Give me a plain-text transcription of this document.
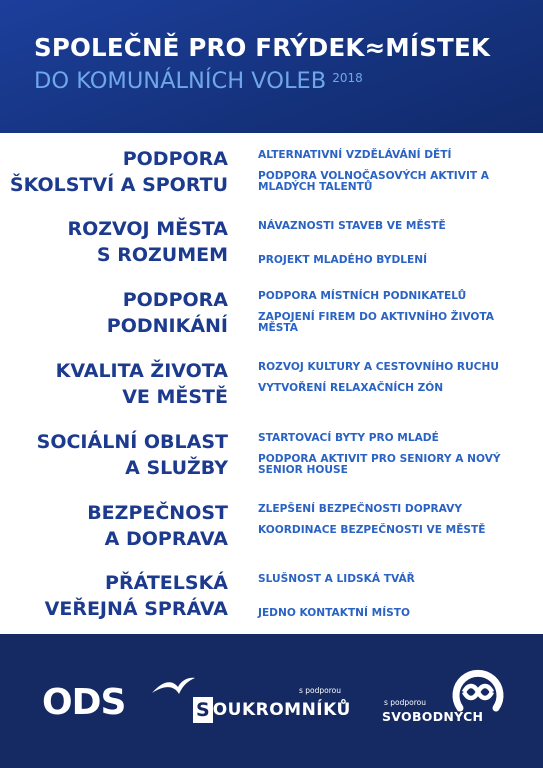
SPOLEČNĚ PRO FRÝDEK≈MÍSTEK
DO KOMUNÁLNÍCH VOLEB $^{2018}$
PODPORA
ŠKOLSTVÍ A SPORTU
ALTERNATIVNÍ VZDĚLÁVÁNÍ DĚTÍ
PODPORA VOLNOČASOVÝCH AKTIVIT A MLADÝCH TALENTŮ
ROZVOJ MĚSTA
S ROZUMEM
NÁVAZNOSTI STAVEB VE MĚSTĚ
PROJEKT MLADÉHO BYDLENÍ
PODPORA
PODNIKÁNÍ
PODPORA MÍSTNÍCH PODNIKATELŮ
ZAPOJENÍ FIREM DO AKTIVNÍHO ŽIVOTA MĚSTA
KVALITA ŽIVOTA
VE MĚSTĚ
ROZVOJ KULTURY A CESTOVNÍHO RUCHU
VYTVOŘENÍ RELAXAČNÍCH ZÓN
SOCIÁLNÍ OBLAST
A SLUŽBY
STARTOVACÍ BYTY PRO MLADÉ
PODPORA AKTIVIT PRO SENIORY A NOVÝ SENIOR HOUSE
BEZPEČNOST
A DOPRAVA
ZLEPŠENÍ BEZPEČNOSTI DOPRAVY
KOORDINACE BEZPEČNOSTI VE MĚSTĚ
PŘÁTELSKÁ
VEŘEJNÁ SPRÁVA
SLUŠNOST A LIDSKÁ TVÁŘ
JEDNO KONTAKTNÍ MÍSTO
ODS	s podporou
S OUKROMNÍKŮ	s podporou
SVOBODNÝCH
